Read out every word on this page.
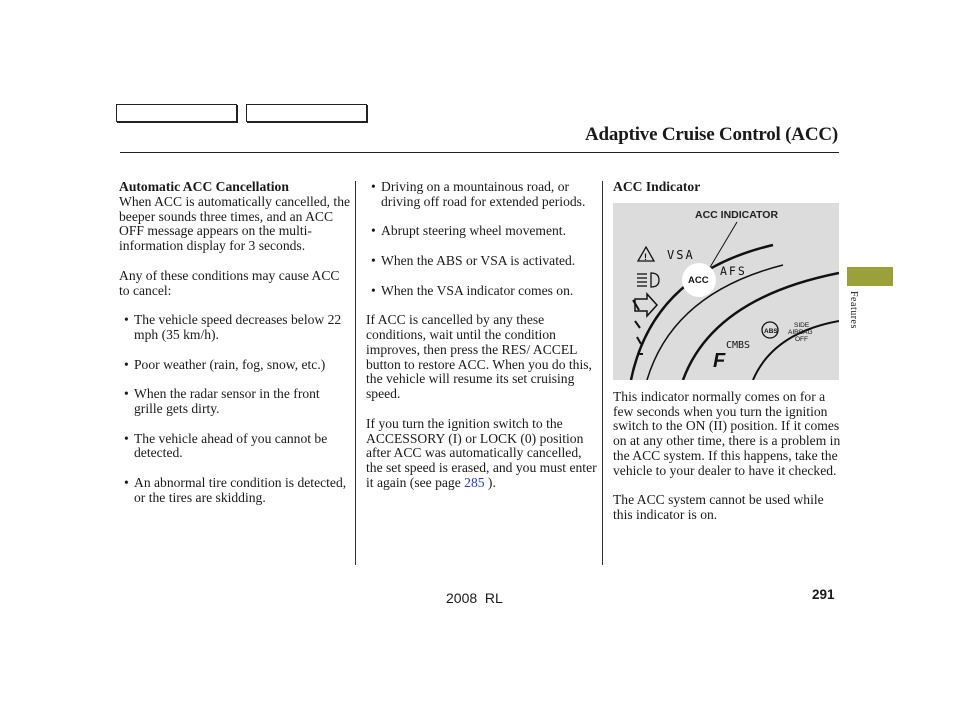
Adaptive Cruise Control (ACC)
Automatic ACC Cancellation

When ACC is automatically cancelled, the beeper sounds three times, and an ACC OFF message appears on the multi-information display for 3 seconds.

Any of these conditions may cause ACC to cancel:

• The vehicle speed decreases below 22 mph (35 km/h).
• Poor weather (rain, fog, snow, etc.)
• When the radar sensor in the front grille gets dirty.
• The vehicle ahead of you cannot be detected.
• An abnormal tire condition is detected, or the tires are skidding.
• Driving on a mountainous road, or driving off road for extended periods.
• Abrupt steering wheel movement.
• When the ABS or VSA is activated.
• When the VSA indicator comes on.

If ACC is cancelled by any these conditions, wait until the condition improves, then press the RES/ ACCEL button to restore ACC. When you do this, the vehicle will resume its set cruising speed.

If you turn the ignition switch to the ACCESSORY (I) or LOCK (0) position after ACC was automatically cancelled, the set speed is erased, and you must enter it again (see page 285 ).

ACC Indicator
!
ACC INDICATOR
VSA
ACC
AFS
CMBS
ABS
SIDE
AIRBAG
OFF
F

This indicator normally comes on for a few seconds when you turn the ignition switch to the ON (II) position. If it comes on at any other time, there is a problem in the ACC system. If this happens, take the vehicle to your dealer to have it checked.

The ACC system cannot be used while this indicator is on.

Features
2008  RL	291
